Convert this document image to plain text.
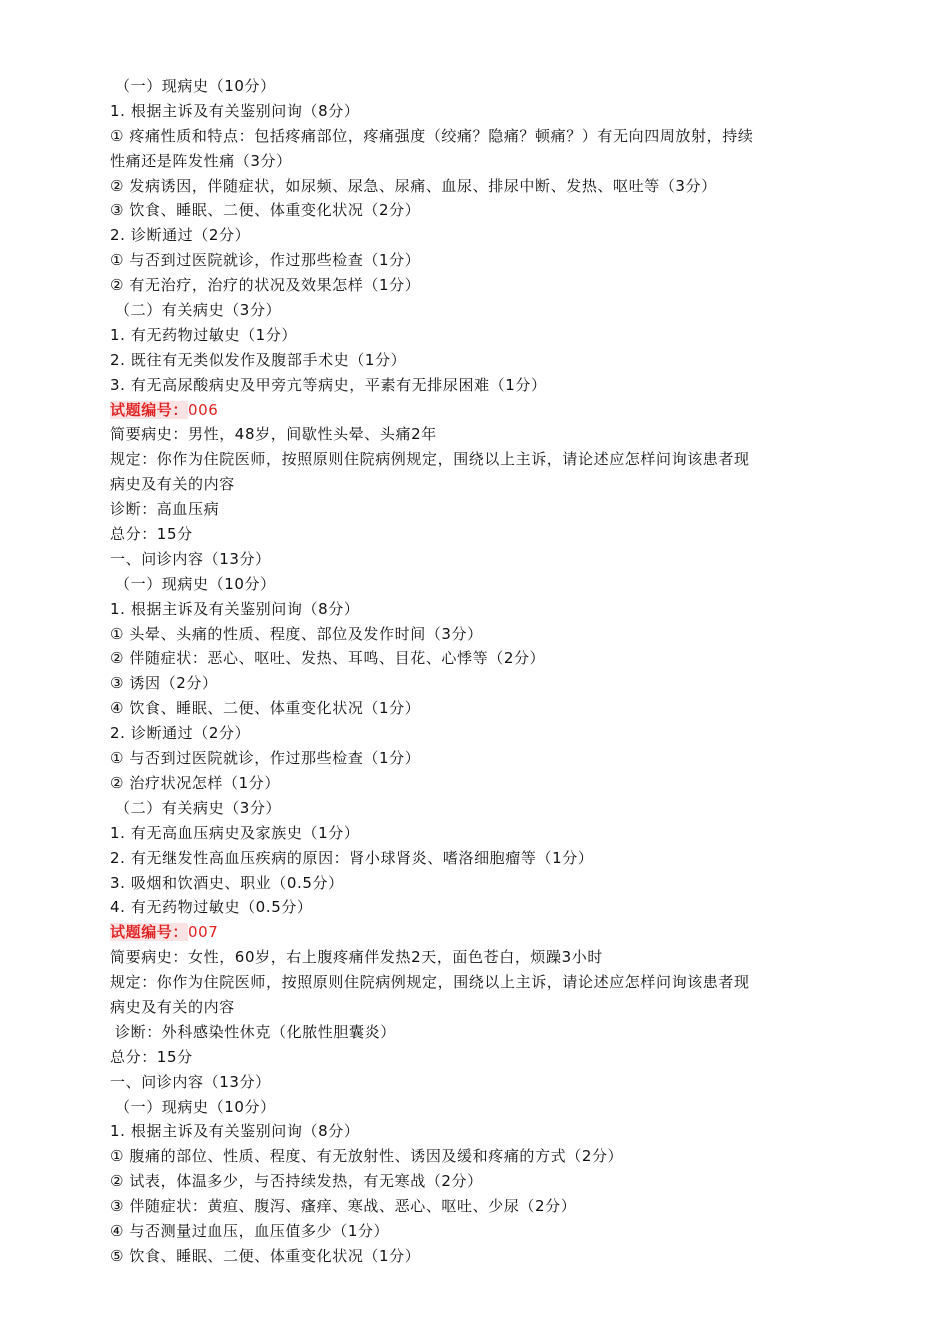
（一）现病史（10分）
1. 根据主诉及有关鉴别问询（8分）
① 疼痛性质和特点：包括疼痛部位，疼痛强度（绞痛？隐痛？顿痛？）有无向四周放射，持续
性痛还是阵发性痛（3分）
② 发病诱因，伴随症状，如尿频、尿急、尿痛、血尿、排尿中断、发热、呕吐等（3分）
③ 饮食、睡眠、二便、体重变化状况（2分）
2. 诊断通过（2分）
① 与否到过医院就诊，作过那些检查（1分）
② 有无治疗，治疗的状况及效果怎样（1分）
（二）有关病史（3分）
1. 有无药物过敏史（1分）
2. 既往有无类似发作及腹部手术史（1分）
3. 有无高尿酸病史及甲旁亢等病史，平素有无排尿困难（1分）
试题编号：006
简要病史：男性，48岁，间歇性头晕、头痛2年
规定：你作为住院医师，按照原则住院病例规定，围绕以上主诉，请论述应怎样问询该患者现
病史及有关的内容
诊断：高血压病
总分：15分
一、问诊内容（13分）
（一）现病史（10分）
1. 根据主诉及有关鉴别问询（8分）
① 头晕、头痛的性质、程度、部位及发作时间（3分）
② 伴随症状：恶心、呕吐、发热、耳鸣、目花、心悸等（2分）
③ 诱因（2分）
④ 饮食、睡眠、二便、体重变化状况（1分）
2. 诊断通过（2分）
① 与否到过医院就诊，作过那些检查（1分）
② 治疗状况怎样（1分）
（二）有关病史（3分）
1. 有无高血压病史及家族史（1分）
2. 有无继发性高血压疾病的原因：肾小球肾炎、嗜洛细胞瘤等（1分）
3. 吸烟和饮酒史、职业（0.5分）
4. 有无药物过敏史（0.5分）
试题编号：007
简要病史：女性，60岁，右上腹疼痛伴发热2天，面色苍白，烦躁3小时
规定：你作为住院医师，按照原则住院病例规定，围绕以上主诉，请论述应怎样问询该患者现
病史及有关的内容
诊断：外科感染性休克（化脓性胆囊炎）
总分：15分
一、问诊内容（13分）
（一）现病史（10分）
1. 根据主诉及有关鉴别问询（8分）
① 腹痛的部位、性质、程度、有无放射性、诱因及缓和疼痛的方式（2分）
② 试表，体温多少，与否持续发热，有无寒战（2分）
③ 伴随症状：黄疸、腹泻、瘙痒、寒战、恶心、呕吐、少尿（2分）
④ 与否测量过血压，血压值多少（1分）
⑤ 饮食、睡眠、二便、体重变化状况（1分）
